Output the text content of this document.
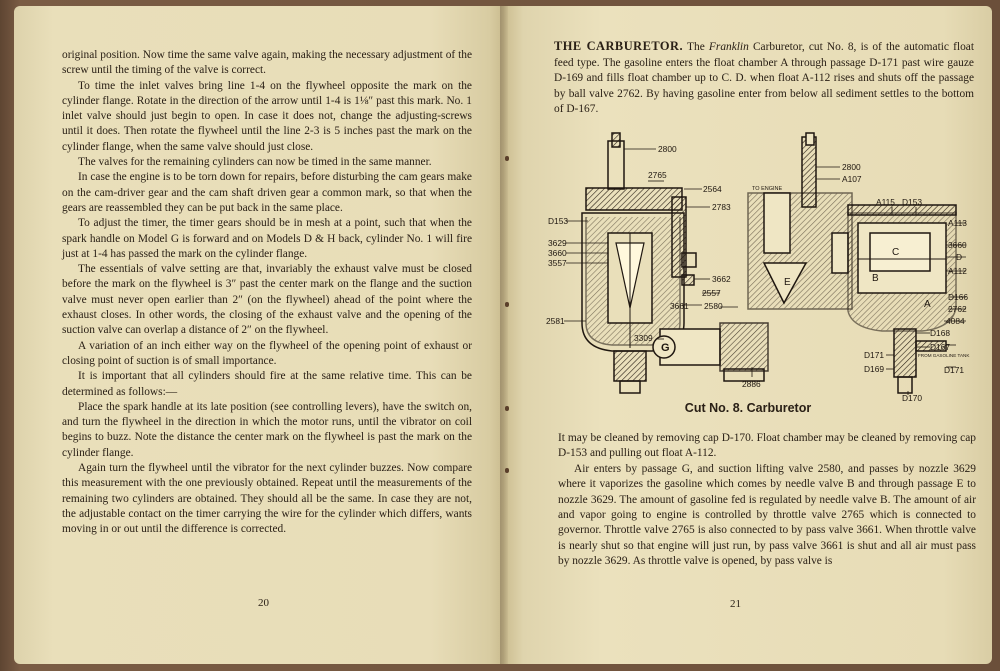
original position. Now time the same valve again, making the necessary adjustment of the screw until the timing of the valve is correct.

To time the inlet valves bring line 1-4 on the flywheel opposite the mark on the cylinder flange. Rotate in the direction of the arrow until 1-4 is 1⅛″ past this mark. No. 1 inlet valve should just begin to open. In case it does not, change the adjusting-screws until it does. Then rotate the flywheel until the line 2-3 is 5 inches past the mark on the cylinder flange, when the same valve should just close.

The valves for the remaining cylinders can now be timed in the same manner.

In case the engine is to be torn down for repairs, before disturbing the cam gears make on the cam-driver gear and the cam shaft driven gear a common mark, so that when the gears are reassembled they can be put back in the same place.

To adjust the timer, the timer gears should be in mesh at a point, such that when the spark handle on Model G is forward and on Models D & H back, cylinder No. 1 will fire just at 1-4 has passed the mark on the cylinder flange.

The essentials of valve setting are that, invariably the exhaust valve must be closed before the mark on the flywheel is 3″ past the center mark on the flange and the suction valve must never open earlier than 2″ (on the flywheel) ahead of the point where the exhaust closes. In other words, the closing of the exhaust valve and the opening of the suction valve can overlap a distance of 2″ on the flywheel.

A variation of an inch either way on the flywheel of the opening point of exhaust or closing point of suction is of small importance.

It is important that all cylinders should fire at the same relative time. This can be determined as follows:—

Place the spark handle at its late position (see controlling levers), have the switch on, and turn the flywheel in the direction in which the motor runs, until the vibrator on coil begins to buzz. Note the distance the center mark on the flywheel is past the mark on the cylinder flange.

Again turn the flywheel until the vibrator for the next cylinder buzzes. Now compare this measurement with the one previously obtained. Repeat until the measurements of the remaining two cylinders are obtained. They should all be the same. In case they are not, the adjustable contact on the timer carrying the wire for the cylinder which differs, wants moving in or out until the difference is corrected.

20
THE CARBURETOR. The Franklin Carburetor, cut No. 8, is of the automatic float feed type. The gasoline enters the float chamber A through passage D-171 past wire gauze D-169 and fills float chamber up to C. D. when float A-112 rises and shuts off the passage by ball valve 2762. By having gasoline enter from below all sediment settles to the bottom of D-167.
2800
2765
2564
2783
D153
3629
3660
3557
3662
2557
3661 2580
2581
3309
G
2886
TO ENGINE
2800
A107
A115 D153
A113
3660
D
C
B
E
A
A112
D166
2762
4084
D168
D167
D171
D169
FROM GASOLINE TANK
D171
D170
Cut No. 8. Carburetor

It may be cleaned by removing cap D-170. Float chamber may be cleaned by removing cap D-153 and pulling out float A-112.

Air enters by passage G, and suction lifting valve 2580, and passes by nozzle 3629 where it vaporizes the gasoline which comes by needle valve B and through passage E to nozzle 3629. The amount of gasoline fed is regulated by needle valve B. The amount of air and vapor going to engine is controlled by throttle valve 2765 which is connected to governor. Throttle valve 2765 is also connected to by pass valve 3661. When throttle valve is nearly shut so that engine will just run, by pass valve 3661 is shut and all air must pass by nozzle 3629. As throttle valve is opened, by pass valve is

21
